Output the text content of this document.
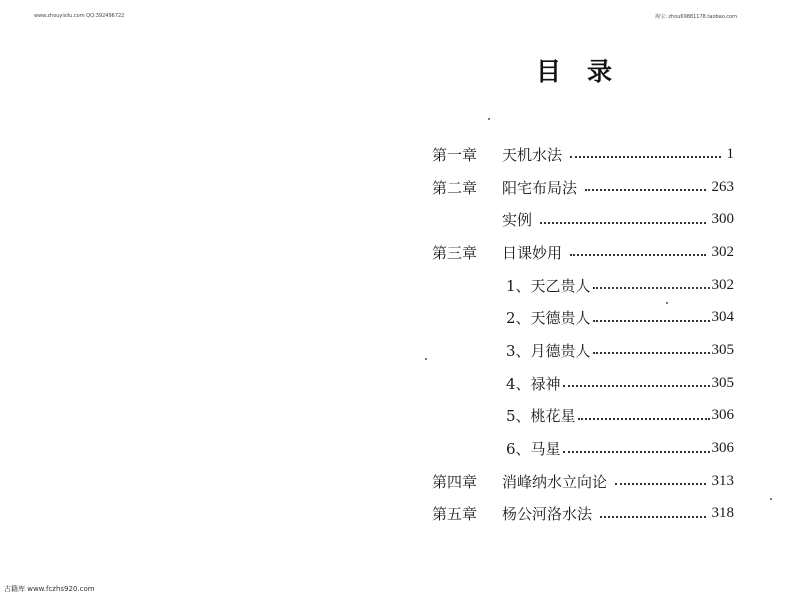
www.zhouyisilu.com QQ:392496722	淘宝: zhou69881178.taobao.com
目录
第一章	天机水法	1
第二章	阳宅布局法	263
实例	300
第三章	日课妙用	302
1、天乙贵人	302
2、天德贵人	304
3、月德贵人	305
4、禄神	305
5、桃花星	306
6、马星	306
第四章	消峰纳水立向论	313
第五章	杨公河洛水法	318
古籍库 www.fczhs920.com
